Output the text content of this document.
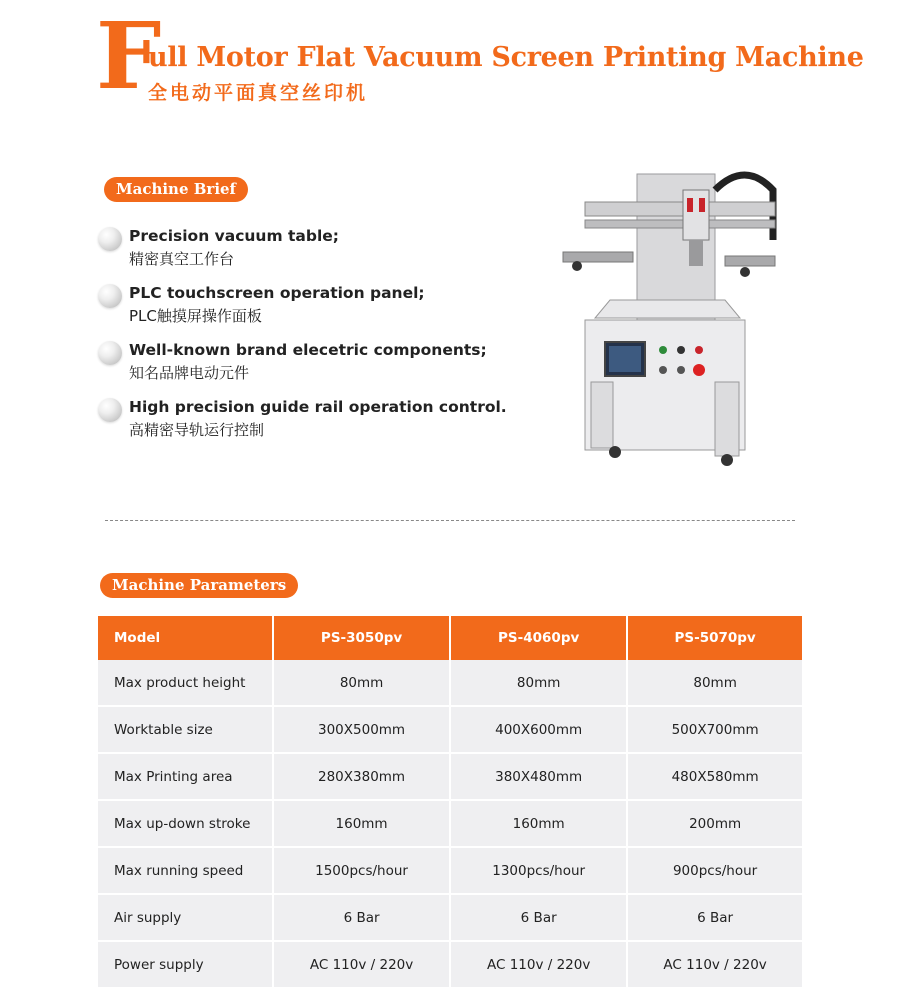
F
ull Motor Flat Vacuum Screen Printing Machine
全电动平面真空丝印机
Machine Brief
Precision vacuum table;
精密真空工作台
PLC touchscreen operation panel;
PLC触摸屏操作面板
Well-known brand elecetric components;
知名品牌电动元件
High precision guide rail operation control.
高精密导轨运行控制
Machine Parameters
Model	PS-3050pv	PS-4060pv	PS-5070pv
Max product height	80mm	80mm	80mm
Worktable size	300X500mm	400X600mm	500X700mm
Max Printing area	280X380mm	380X480mm	480X580mm
Max up-down stroke	160mm	160mm	200mm
Max running speed	1500pcs/hour	1300pcs/hour	900pcs/hour
Air supply	6 Bar	6 Bar	6 Bar
Power supply	AC 110v / 220v	AC 110v / 220v	AC 110v / 220v
